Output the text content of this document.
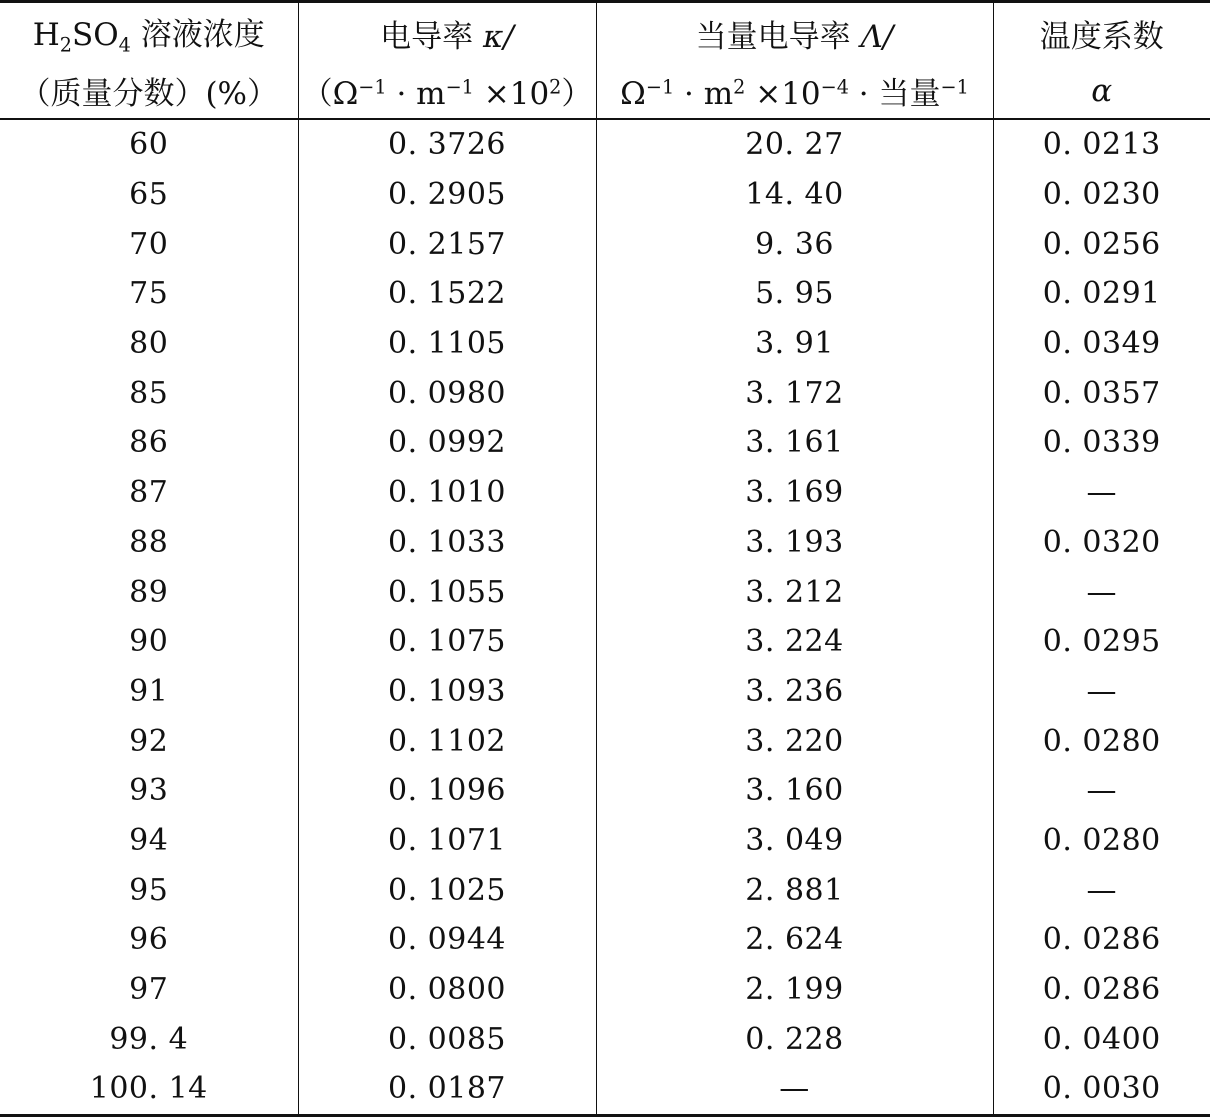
$H_2SO_4$ 溶液浓度	电导率 κ/	当量电导率 Λ/	温度系数
（质量分数）(%）	$(\Omega^{-1} \cdot m^{-1} \times 10^2)$	$\Omega^{-1} \cdot m^2 \times 10^{-4}$ · 当量$^{-1}$	α
60	0. 3726	20. 27	0. 0213
65	0. 2905	14. 40	0. 0230
70	0. 2157	9. 36	0. 0256
75	0. 1522	5. 95	0. 0291
80	0. 1105	3. 91	0. 0349
85	0. 0980	3. 172	0. 0357
86	0. 0992	3. 161	0. 0339
87	0. 1010	3. 169	—
88	0. 1033	3. 193	0. 0320
89	0. 1055	3. 212	—
90	0. 1075	3. 224	0. 0295
91	0. 1093	3. 236	—
92	0. 1102	3. 220	0. 0280
93	0. 1096	3. 160	—
94	0. 1071	3. 049	0. 0280
95	0. 1025	2. 881	—
96	0. 0944	2. 624	0. 0286
97	0. 0800	2. 199	0. 0286
99. 4	0. 0085	0. 228	0. 0400
100. 14	0. 0187	—	0. 0030
